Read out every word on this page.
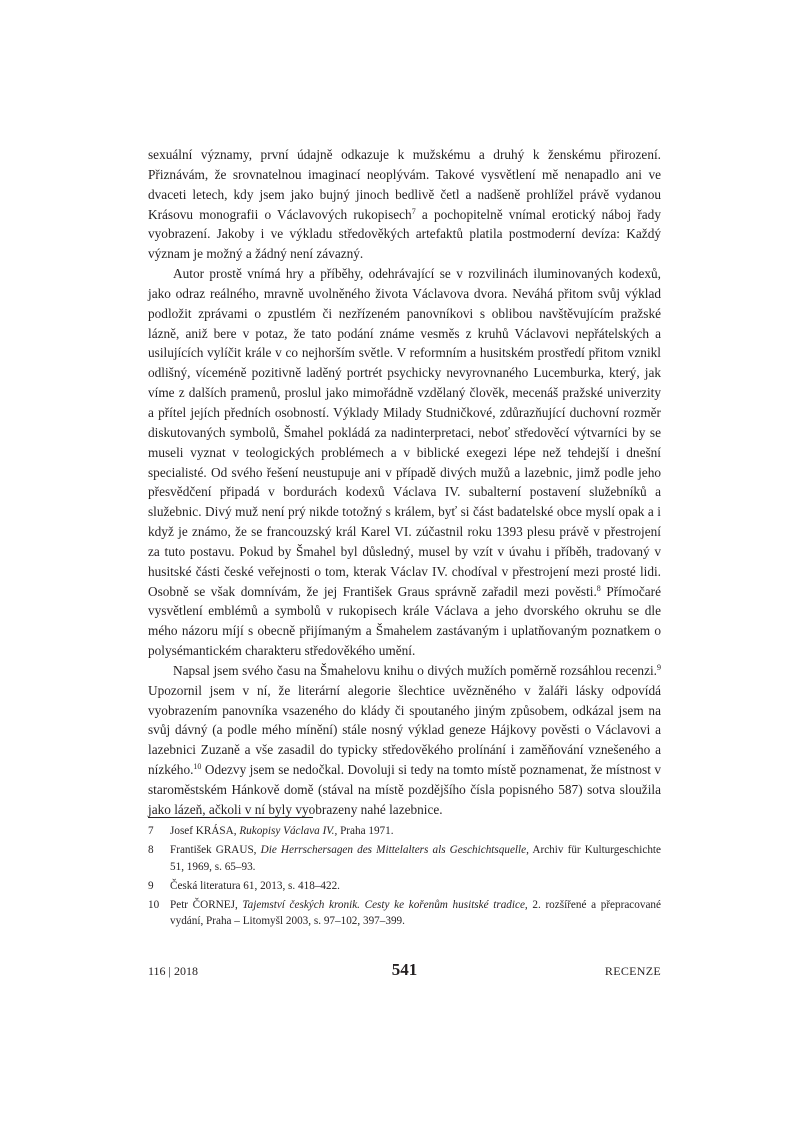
sexuální významy, první údajně odkazuje k mužskému a druhý k ženskému přirození. Přiznávám, že srovnatelnou imaginací neoplývám. Takové vysvětlení mě nenapadlo ani ve dvaceti letech, kdy jsem jako bujný jinoch bedlivě četl a nadšeně prohlížel právě vydanou Krásovu monografii o Václavových rukopisech$^7$ a pochopitelně vnímal erotický náboj řady vyobrazení. Jakoby i ve výkladu středověkých artefaktů platila postmoderní devíza: Každý význam je možný a žádný není závazný.

Autor prostě vnímá hry a příběhy, odehrávající se v rozvilinách iluminovaných kodexů, jako odraz reálného, mravně uvolněného života Václavova dvora. Neváhá přitom svůj výklad podložit zprávami o zpustlém či nezřízeném panovníkovi s oblibou navštěvujícím pražské lázně, aniž bere v potaz, že tato podání známe vesměs z kruhů Václavovi nepřátelských a usilujících vylíčit krále v co nejhorším světle. V reformním a husitském prostředí přitom vznikl odlišný, víceméně pozitivně laděný portrét psychicky nevyrovnaného Lucemburka, který, jak víme z dalších pramenů, proslul jako mimořádně vzdělaný člověk, mecenáš pražské univerzity a přítel jejích předních osobností. Výklady Milady Studničkové, zdůrazňující duchovní rozměr diskutovaných symbolů, Šmahel pokládá za nadinterpretaci, neboť středověcí výtvarníci by se museli vyznat v teologických problémech a v biblické exegezi lépe než tehdejší i dnešní specialisté. Od svého řešení neustupuje ani v případě divých mužů a lazebnic, jimž podle jeho přesvědčení připadá v bordurách kodexů Václava IV. subalterní postavení služebníků a služebnic. Divý muž není prý nikde totožný s králem, byť si část badatelské obce myslí opak a i když je známo, že se francouzský král Karel VI. zúčastnil roku 1393 plesu právě v přestrojení za tuto postavu. Pokud by Šmahel byl důsledný, musel by vzít v úvahu i příběh, tradovaný v husitské části české veřejnosti o tom, kterak Václav IV. chodíval v přestrojení mezi prosté lidi. Osobně se však domnívám, že jej František Graus správně zařadil mezi pověsti.$^8$ Přímočaré vysvětlení emblémů a symbolů v rukopisech krále Václava a jeho dvorského okruhu se dle mého názoru míjí s obecně přijímaným a Šmahelem zastávaným i uplatňovaným poznatkem o polysémantickém charakteru středověkého umění.

Napsal jsem svého času na Šmahelovu knihu o divých mužích poměrně rozsáhlou recenzi.$^9$ Upozornil jsem v ní, že literární alegorie šlechtice uvězněného v žaláři lásky odpovídá vyobrazením panovníka vsazeného do klády či spoutaného jiným způsobem, odkázal jsem na svůj dávný (a podle mého mínění) stále nosný výklad geneze Hájkovy pověsti o Václavovi a lazebnici Zuzaně a vše zasadil do typicky středověkého prolínání i zaměňování vznešeného a nízkého.$^{10}$ Odezvy jsem se nedočkal. Dovoluji si tedy na tomto místě poznamenat, že místnost v staroměstském Hánkově domě (stával na místě pozdějšího čísla popisného 587) sotva sloužila jako lázeň, ačkoli v ní byly vyobrazeny nahé lazebnice.

7	Josef KRÁSA, Rukopisy Václava IV., Praha 1971.
8	František GRAUS, Die Herrschersagen des Mittelalters als Geschichtsquelle, Archiv für Kulturgeschichte 51, 1969, s. 65–93.
9	Česká literatura 61, 2013, s. 418–422.
10 Petr ČORNEJ, Tajemství českých kronik. Cesty ke kořenům husitské tradice, 2. rozšířené a přepracované vydání, Praha – Litomyšl 2003, s. 97–102, 397–399.
116 | 2018	541	RECENZE
